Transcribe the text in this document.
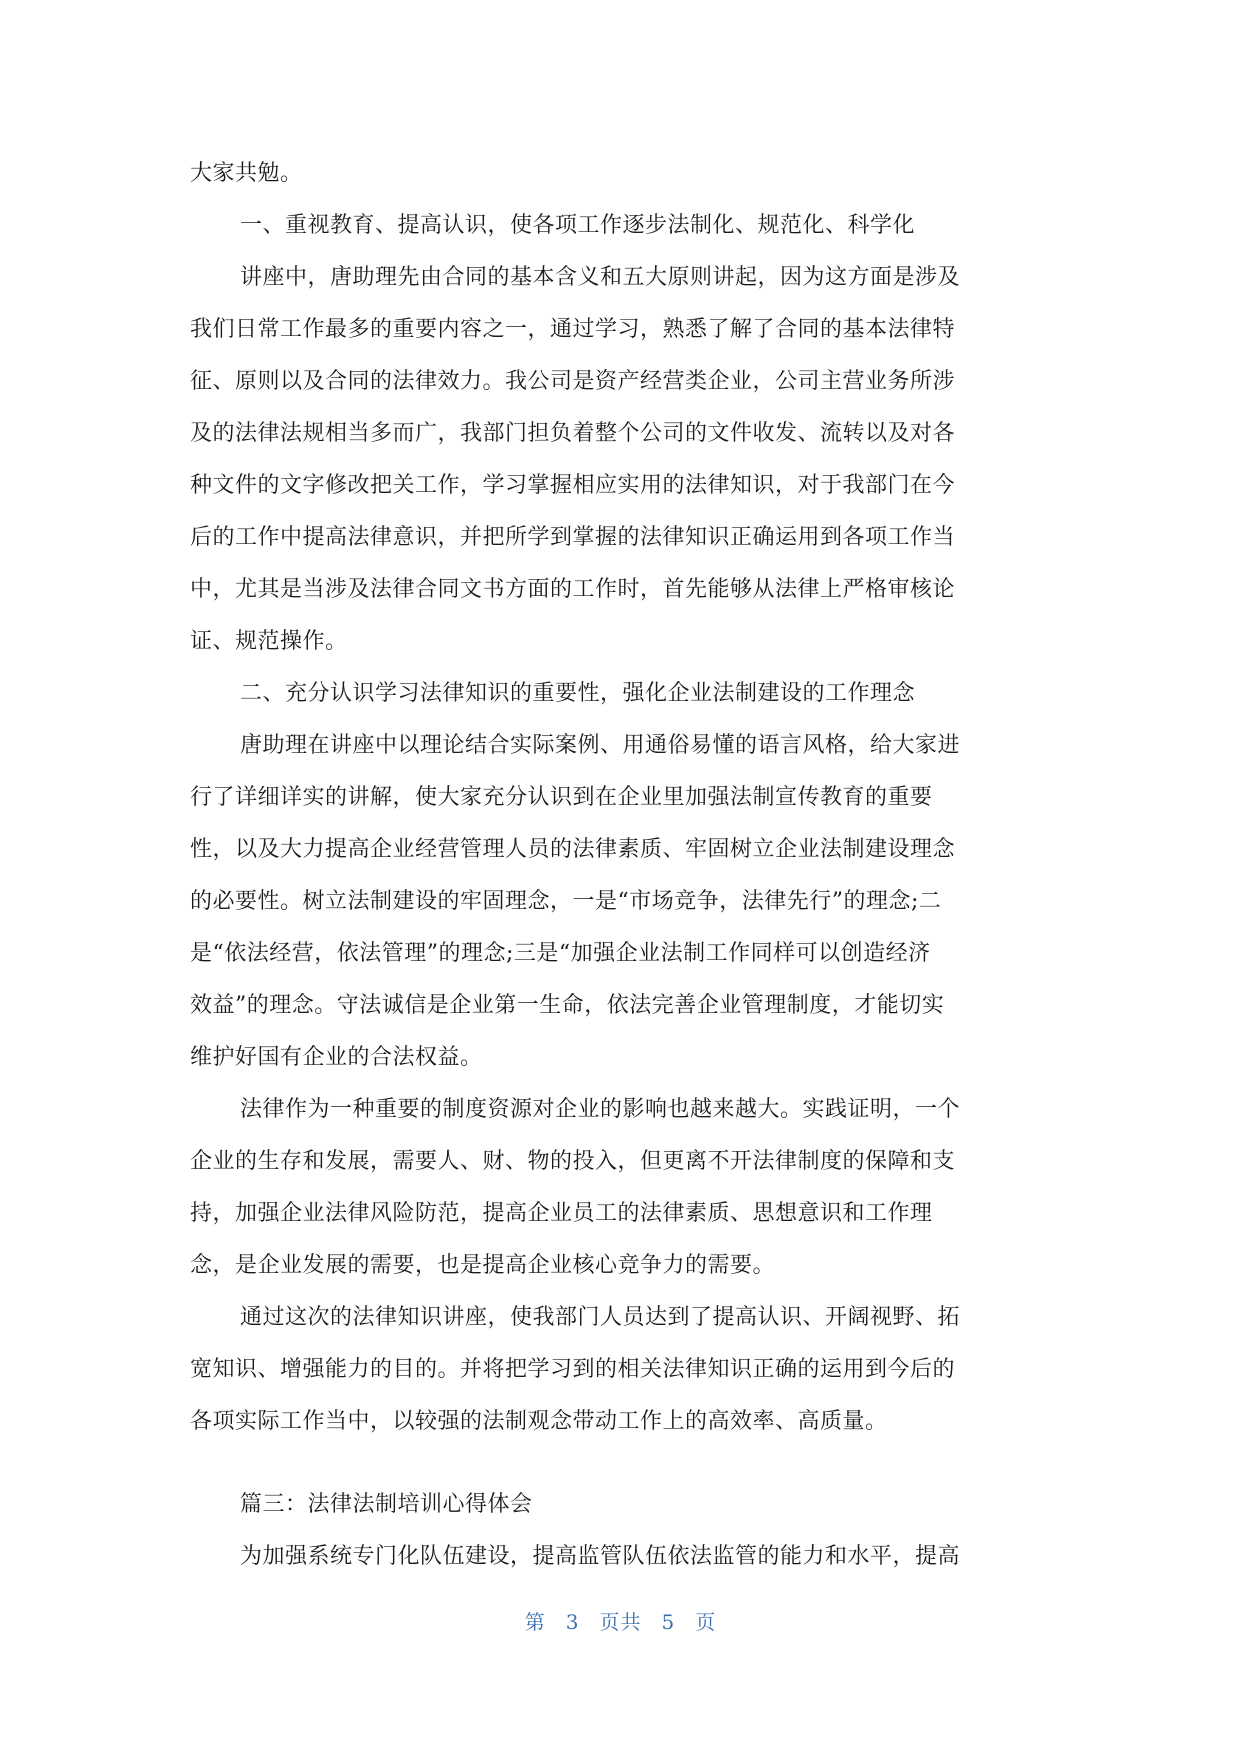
大家共勉。
一、重视教育、提高认识，使各项工作逐步法制化、规范化、科学化
讲座中，唐助理先由合同的基本含义和五大原则讲起，因为这方面是涉及
我们日常工作最多的重要内容之一，通过学习，熟悉了解了合同的基本法律特
征、原则以及合同的法律效力。我公司是资产经营类企业，公司主营业务所涉
及的法律法规相当多而广，我部门担负着整个公司的文件收发、流转以及对各
种文件的文字修改把关工作，学习掌握相应实用的法律知识，对于我部门在今
后的工作中提高法律意识，并把所学到掌握的法律知识正确运用到各项工作当
中，尤其是当涉及法律合同文书方面的工作时，首先能够从法律上严格审核论
证、规范操作。
二、充分认识学习法律知识的重要性，强化企业法制建设的工作理念
唐助理在讲座中以理论结合实际案例、用通俗易懂的语言风格，给大家进
行了详细详实的讲解，使大家充分认识到在企业里加强法制宣传教育的重要
性，以及大力提高企业经营管理人员的法律素质、牢固树立企业法制建设理念
的必要性。树立法制建设的牢固理念，一是“市场竞争，法律先行”的理念;二
是“依法经营，依法管理”的理念;三是“加强企业法制工作同样可以创造经济
效益”的理念。守法诚信是企业第一生命，依法完善企业管理制度，才能切实
维护好国有企业的合法权益。
法律作为一种重要的制度资源对企业的影响也越来越大。实践证明，一个
企业的生存和发展，需要人、财、物的投入，但更离不开法律制度的保障和支
持，加强企业法律风险防范，提高企业员工的法律素质、思想意识和工作理
念，是企业发展的需要，也是提高企业核心竞争力的需要。
通过这次的法律知识讲座，使我部门人员达到了提高认识、开阔视野、拓
宽知识、增强能力的目的。并将把学习到的相关法律知识正确的运用到今后的
各项实际工作当中，以较强的法制观念带动工作上的高效率、高质量。
篇三：法律法制培训心得体会
为加强系统专门化队伍建设，提高监管队伍依法监管的能力和水平，提高
第 3 页共 5 页
